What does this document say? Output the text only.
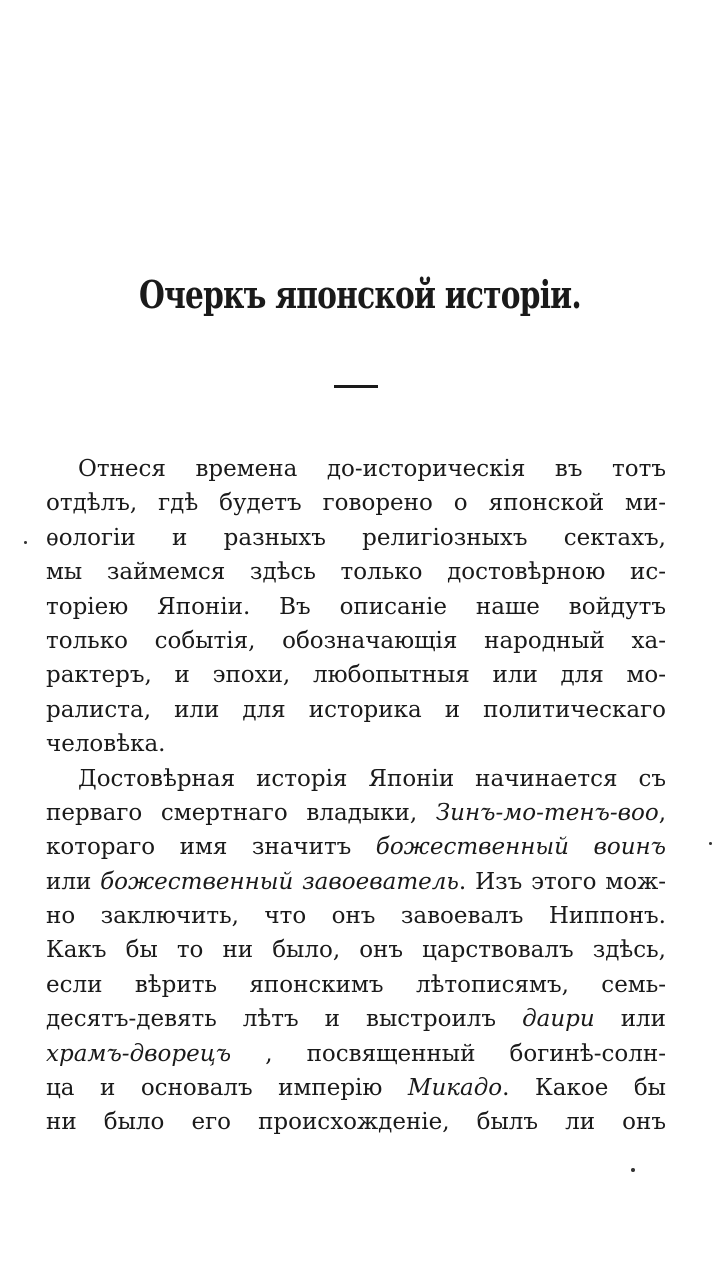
Очеркъ японской исторіи.
Отнеся времена до-историческія въ тотъ
отдѣлъ, гдѣ будетъ говорено о японской ми-
ѳологіи и разныхъ религіозныхъ сектахъ,
мы займемся здѣсь только достовѣрною ис-
торіею Японіи. Въ описаніе наше войдутъ
только событія, обозначающія народный ха-
рактеръ, и эпохи, любопытныя или для мо-
ралиста, или для историка и политическаго
человѣка.
Достовѣрная исторія Японіи начинается съ
перваго смертнаго владыки, Зинъ-мо-тенъ-воо,
котораго имя значитъ божественный воинъ
или божественный завоеватель. Изъ этого мож-
но заключить, что онъ завоевалъ Ниппонъ.
Какъ бы то ни было, онъ царствовалъ здѣсь,
если вѣрить японскимъ лѣтописямъ, семь-
десятъ-девять лѣтъ и выстроилъ даири или
храмъ-дворецъ , посвященный богинѣ-солн-
ца и основалъ имперію Микадо. Какое бы
ни было его происхожденіе, былъ ли онъ
